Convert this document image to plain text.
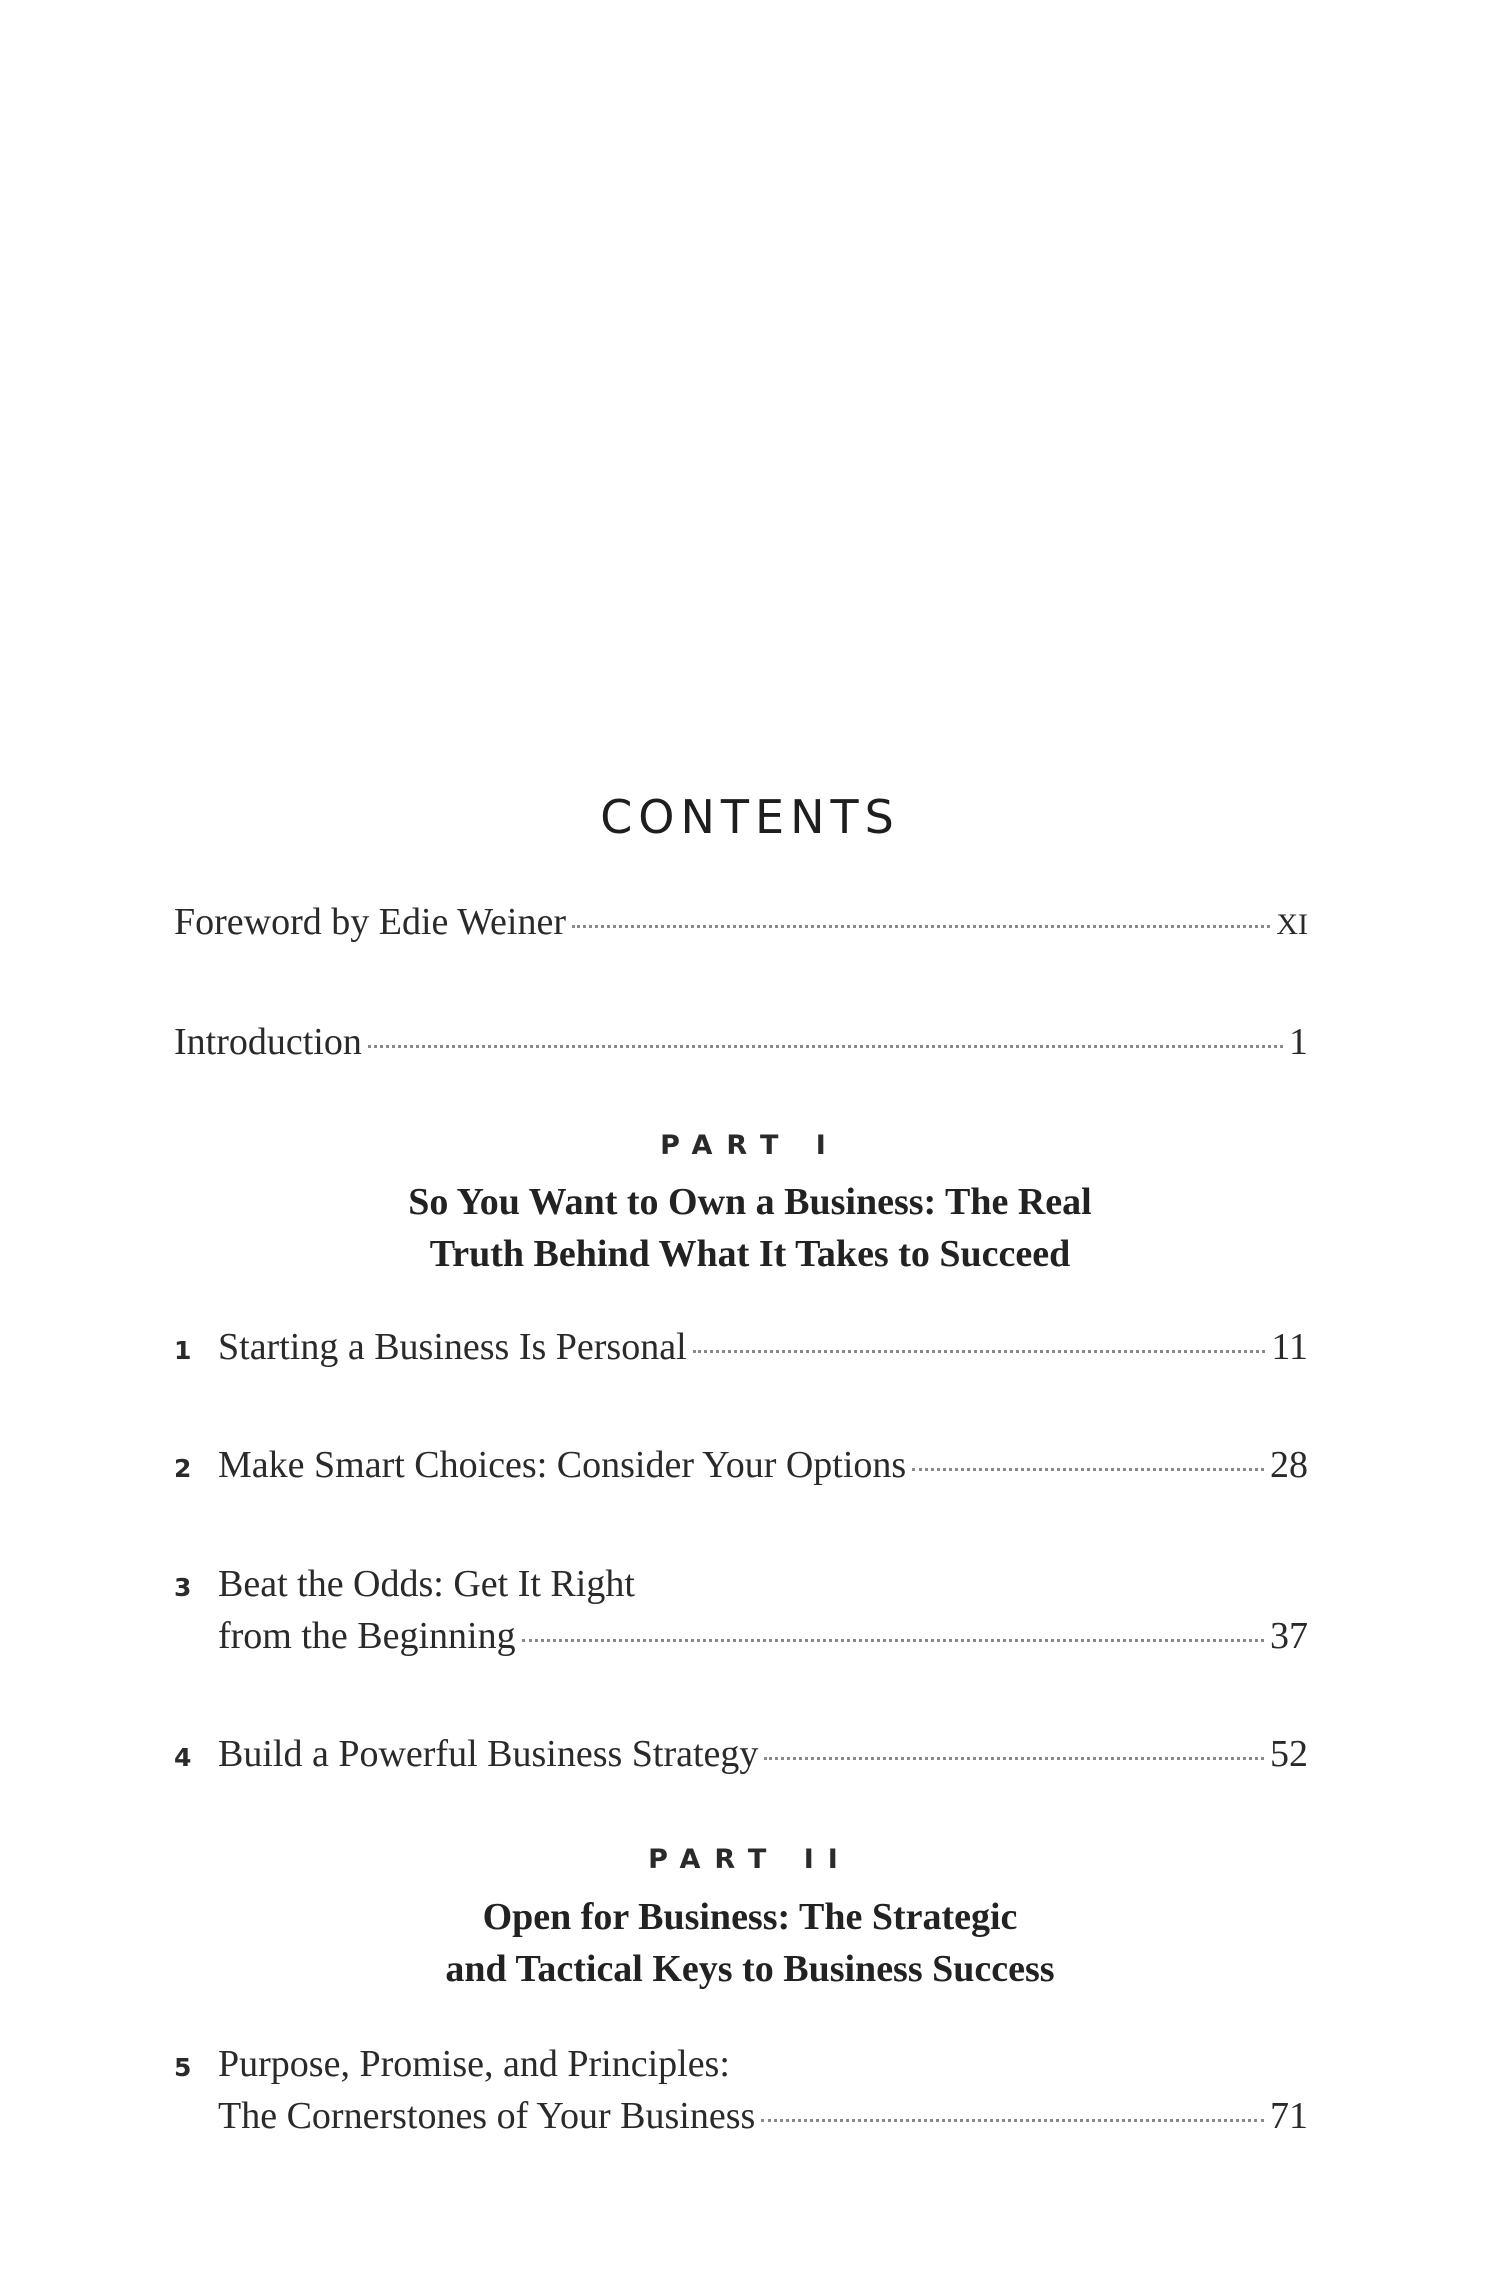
CONTENTS
Foreword by Edie Weiner	XI
Introduction	1
PART I
So You Want to Own a Business: The Real
Truth Behind What It Takes to Succeed
1 Starting a Business Is Personal	11
2 Make Smart Choices: Consider Your Options	28
3 Beat the Odds: Get It Right
from the Beginning	37
4 Build a Powerful Business Strategy	52
PART II
Open for Business: The Strategic
and Tactical Keys to Business Success
5 Purpose, Promise, and Principles:
The Cornerstones of Your Business	71
